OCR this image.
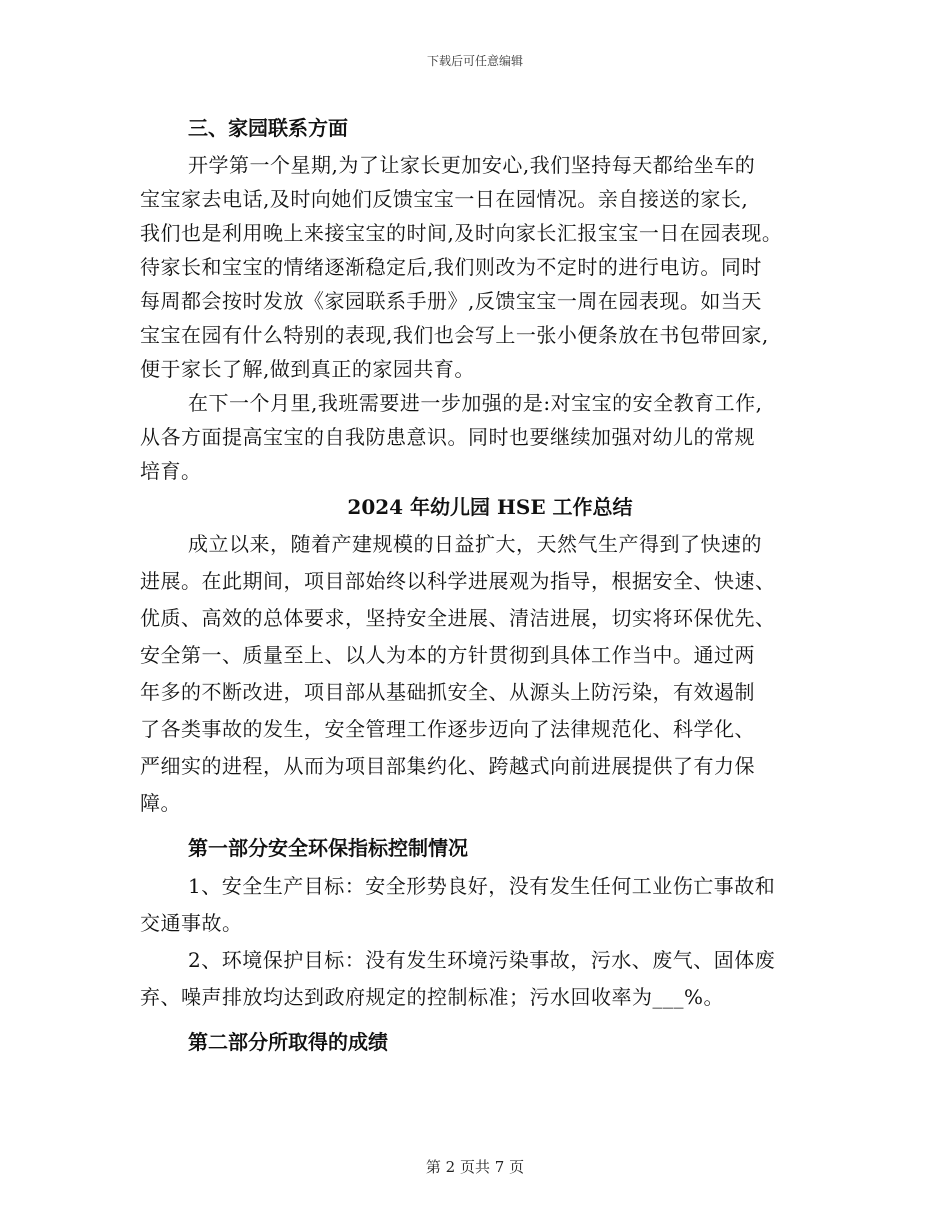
下载后可任意编辑
三、家园联系方面
开学第一个星期,为了让家长更加安心,我们坚持每天都给坐车的
宝宝家去电话,及时向她们反馈宝宝一日在园情况。亲自接送的家长,
我们也是利用晚上来接宝宝的时间,及时向家长汇报宝宝一日在园表现。
待家长和宝宝的情绪逐渐稳定后,我们则改为不定时的进行电访。同时
每周都会按时发放《家园联系手册》,反馈宝宝一周在园表现。如当天
宝宝在园有什么特别的表现,我们也会写上一张小便条放在书包带回家,
便于家长了解,做到真正的家园共育。
在下一个月里,我班需要进一步加强的是:对宝宝的安全教育工作,
从各方面提高宝宝的自我防患意识。同时也要继续加强对幼儿的常规
培育。
2024 年幼儿园 HSE 工作总结
成立以来，随着产建规模的日益扩大，天然气生产得到了快速的
进展。在此期间，项目部始终以科学进展观为指导，根据安全、快速、
优质、高效的总体要求，坚持安全进展、清洁进展，切实将环保优先、
安全第一、质量至上、以人为本的方针贯彻到具体工作当中。通过两
年多的不断改进，项目部从基础抓安全、从源头上防污染，有效遏制
了各类事故的发生，安全管理工作逐步迈向了法律规范化、科学化、
严细实的进程，从而为项目部集约化、跨越式向前进展提供了有力保
障。
第一部分安全环保指标控制情况
1、安全生产目标：安全形势良好，没有发生任何工业伤亡事故和
交通事故。
2、环境保护目标：没有发生环境污染事故，污水、废气、固体废
弃、噪声排放均达到政府规定的控制标准；污水回收率为___%。
第二部分所取得的成绩
第 2 页共 7 页
